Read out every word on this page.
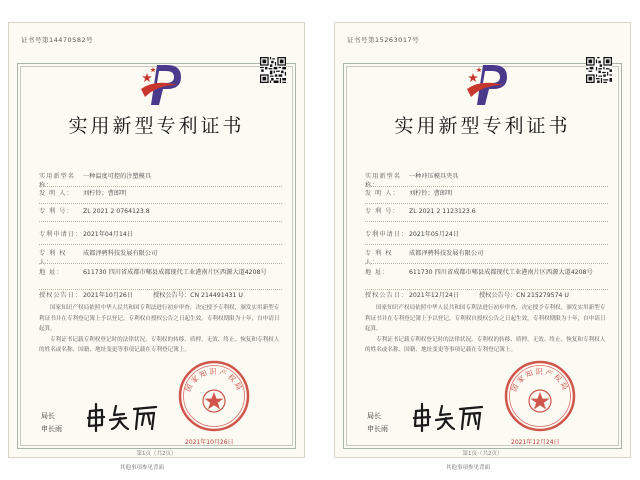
证书号第14470582号
实用新型专利证书
实用新型名称：
一种温度可控的注塑模具
发 明 人：	刘柠铃；曹郎明
专 利 号：	ZL 2021 2 0764123.8
专利申请日： 2021年04月14日
专 利 权 人：
成都泽骋科技发展有限公司
地 址：	611730 四川省成都市郫县成都现代工业港南片区西源大道4208号
授权公告日： 2021年10月26日	授权公告号：CN 214491431 U

国家知识产权局依照中华人民共和国专利法进行初步审查，决定授予专利权，颁发实用新型专利证书并在专利登记簿上予以登记。专利权自授权公告之日起生效。专利权期限为十年，自申请日起算。

专利证书记载专利权登记时的法律状况。专利权的转移、质押、无效、终止、恢复和专利权人的姓名或名称、国籍、地址变更等事项记载在专利登记簿上。

局长
申长雨
国家知识产权局
2021年10月26日
第1页（共2页）
证书号第15263017号
实用新型专利证书
实用新型名称：
一种冲压模具夹具
发 明 人：	刘柠铃；曹郎明
专 利 号：	ZL 2021 2 1123123.6
专利申请日： 2021年05月24日
专 利 权 人：
成都泽骋科技发展有限公司
地 址：	611730 四川省成都市郫县成都现代工业港南片区西源大道4208号
授权公告日： 2021年12月24日	授权公告号：CN 215279574 U

国家知识产权局依照中华人民共和国专利法进行初步审查，决定授予专利权，颁发实用新型专利证书并在专利登记簿上予以登记。专利权自授权公告之日起生效。专利权期限为十年，自申请日起算。

专利证书记载专利权登记时的法律状况。专利权的转移、质押、无效、终止、恢复和专利权人的姓名或名称、国籍、地址变更等事项记载在专利登记簿上。

局长
申长雨
国家知识产权局
2021年12月24日
第1页（共2页）
其他事项参见背面	其他事项参见背面
